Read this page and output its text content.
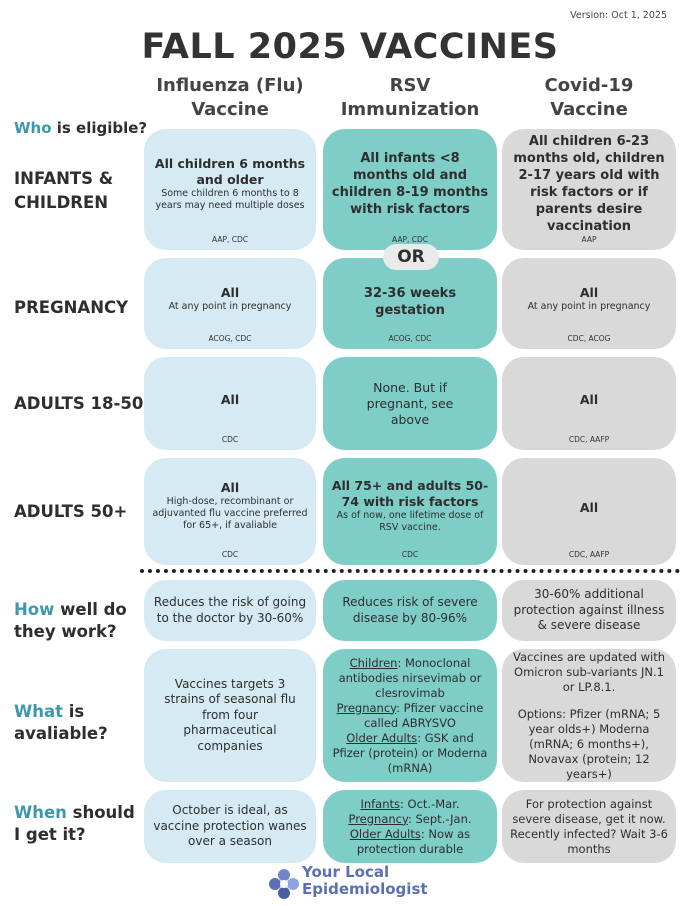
Version: Oct 1, 2025
FALL 2025 VACCINES
Influenza (Flu)
Vaccine
RSV
Immunization
Covid-19
Vaccine
Who is eligible?
INFANTS &
CHILDREN
All children 6 months and older
Some children 6 months to 8 years may need multiple doses
AAP, CDC
All infants <8 months old and children 8-19 months with risk factors
AAP, CDC
All children 6-23 months old, children 2-17 years old with risk factors or if parents desire vaccination
AAP
PREGNANCY
All
At any point in pregnancy
ACOG, CDC
32-36 weeks gestation
ACOG, CDC
All
At any point in pregnancy
CDC, ACOG
OR
ADULTS 18-50	All
CDC
None. But if pregnant, see above
All
CDC, AAFP
ADULTS 50+
All
High-dose, recombinant or adjuvanted flu vaccine preferred for 65+, if avaliable
CDC
All 75+ and adults 50-74 with risk factors
As of now, one lifetime dose of RSV vaccine.
CDC
All
CDC, AAFP
How well do
they work?
Reduces the risk of going to the doctor by 30-60%
Reduces risk of severe disease by 80-96%
30-60% additional protection against illness & severe disease
What is
avaliable?
Vaccines targets 3 strains of seasonal flu from four pharmaceutical companies
Children: Monoclonal antibodies nirsevimab or clesrovimab
Pregnancy: Pfizer vaccine called ABRYSVO
Older Adults: GSK and Pfizer (protein) or Moderna (mRNA)
Vaccines are updated with Omicron sub-variants JN.1 or LP.8.1.
Options: Pfizer (mRNA; 5 year olds+) Moderna (mRNA; 6 months+), Novavax (protein; 12 years+)
When should
I get it?
October is ideal, as vaccine protection wanes over a season
Infants: Oct.-Mar.
Pregnancy: Sept.-Jan.
Older Adults: Now as protection durable
For protection against severe disease, get it now. Recently infected? Wait 3-6 months
Your Local
Epidemiologist
